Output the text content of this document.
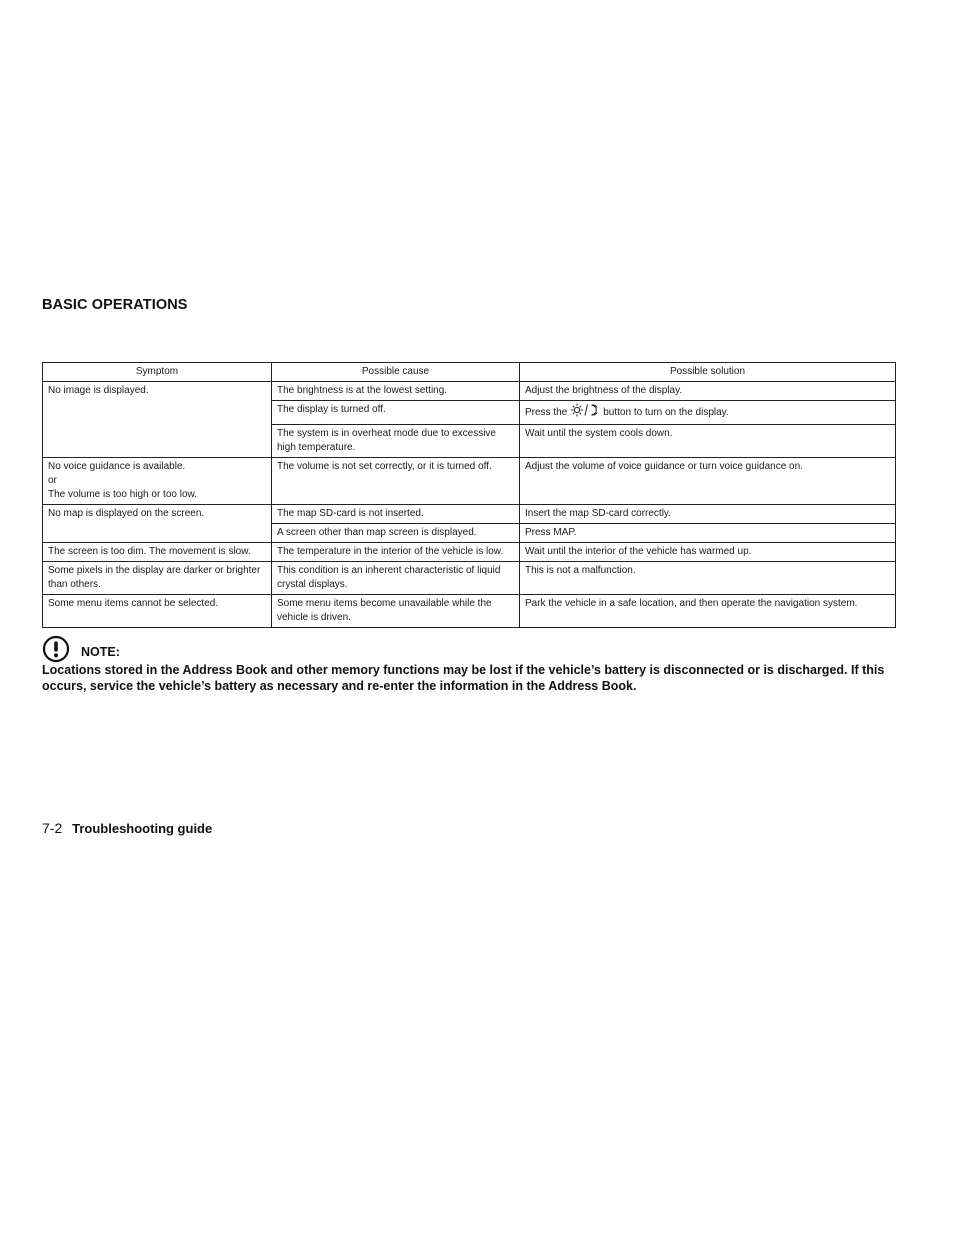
BASIC OPERATIONS
Symptom	Possible cause	Possible solution
No image is displayed.	The brightness is at the lowest setting.	Adjust the brightness of the display.
	The display is turned off.	Press the button to turn on the display.
	The system is in overheat mode due to excessive high temperature.	Wait until the system cools down.
No voice guidance is available.
or
The volume is too high or too low.	The volume is not set correctly, or it is turned off.	Adjust the volume of voice guidance or turn voice guidance on.
No map is displayed on the screen.	The map SD-card is not inserted.	Insert the map SD-card correctly.
	A screen other than map screen is displayed.	Press MAP.
The screen is too dim. The movement is slow.	The temperature in the interior of the vehicle is low.	Wait until the interior of the vehicle has warmed up.
Some pixels in the display are darker or brighter than others.	This condition is an inherent characteristic of liquid crystal displays.	This is not a malfunction.
Some menu items cannot be selected.	Some menu items become unavailable while the vehicle is driven.	Park the vehicle in a safe location, and then operate the navigation system.
NOTE:
Locations stored in the Address Book and other memory functions may be lost if the vehicle’s battery is disconnected or is discharged. If this occurs, service the vehicle’s battery as necessary and re-enter the information in the Address Book.
7-2 Troubleshooting guide
